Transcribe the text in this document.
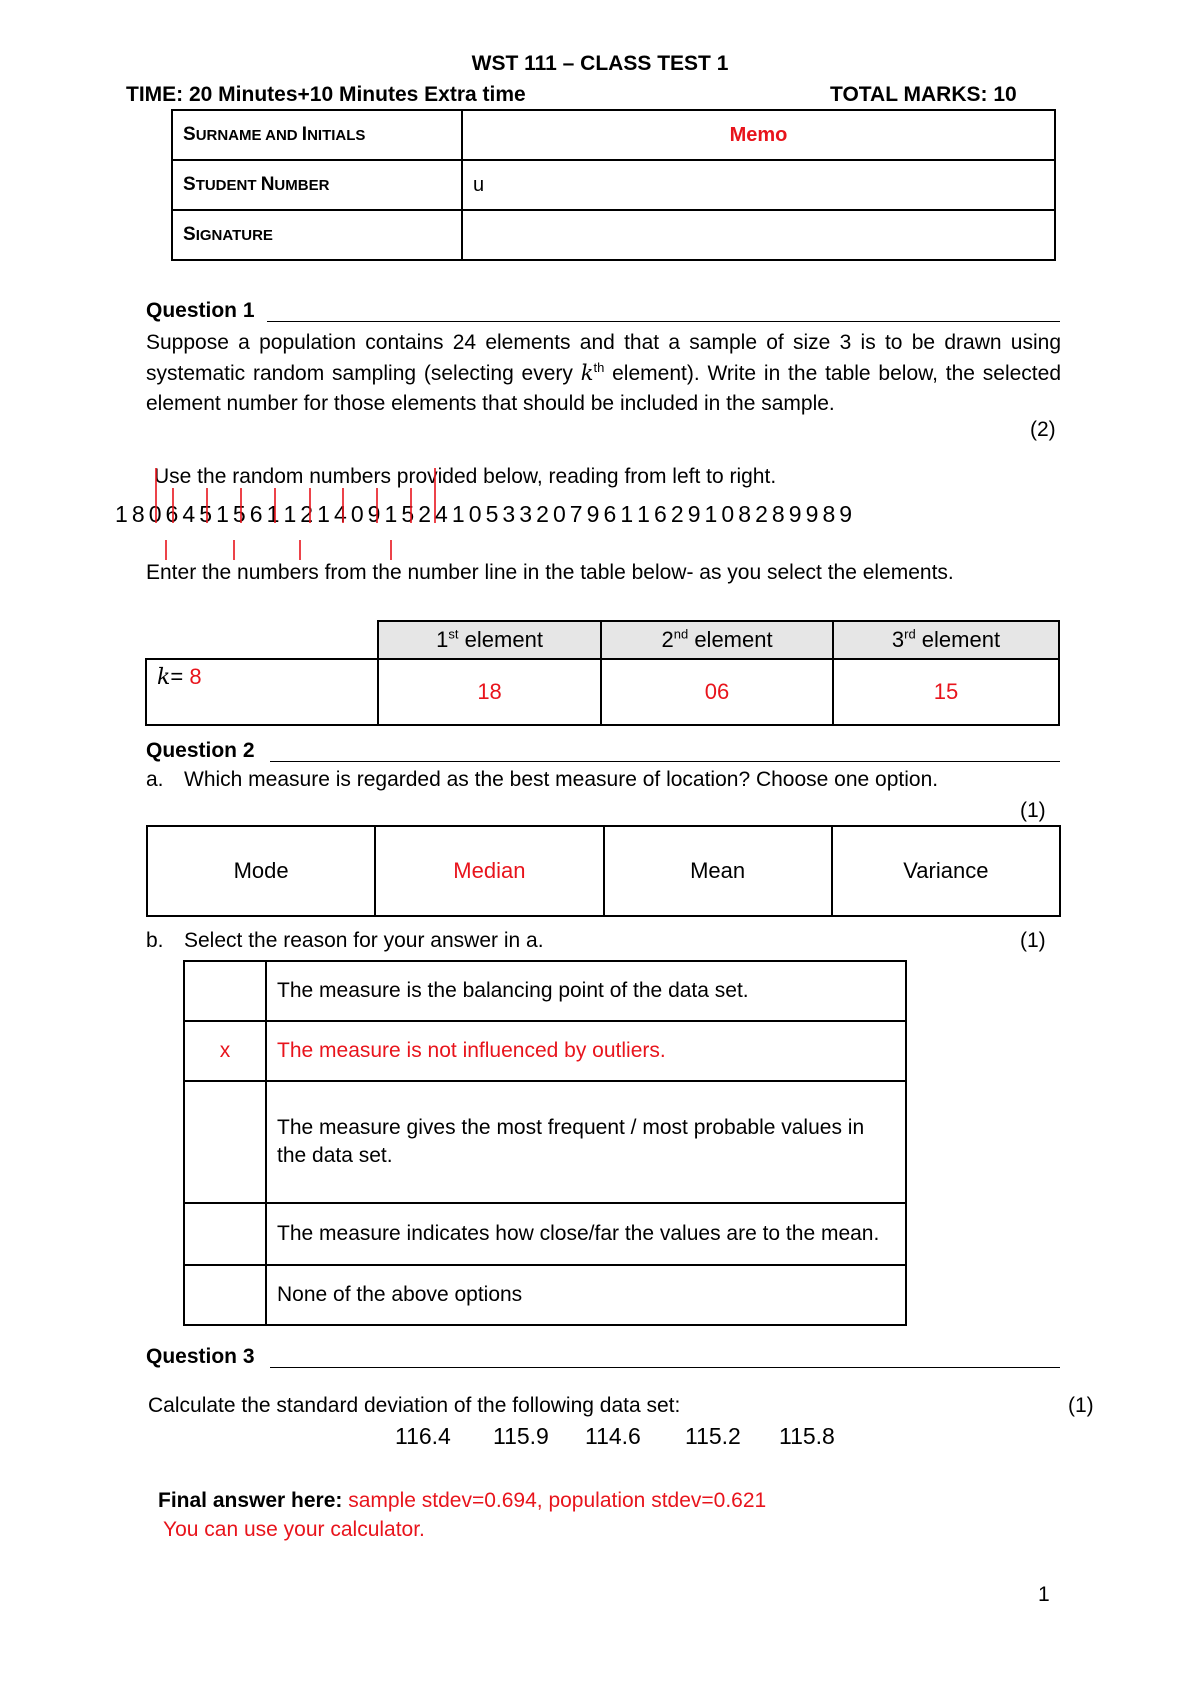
WST 111 – CLASS TEST 1
TIME: 20 Minutes+10 Minutes Extra time	TOTAL MARKS: 10
SURNAME AND INITIALS	Memo
STUDENT NUMBER	u
SIGNATURE	
Question 1
Suppose a population contains 24 elements and that a sample of size 3 is to be drawn using systematic random sampling (selecting every $k^{th}$ element). Write in the table below, the selected element number for those elements that should be included in the sample.
(2)
Use the random numbers provided below, reading from left to right.
1 8 0 6 4 5 1 5 6 1 1 2 1 4 0 9 1 5 2 4 1 0 5 3 3 2 0 7 9 6 1 1 6 2 9 1 0 8 2 8 9 9 8 9
Enter the numbers from the number line in the table below- as you select the elements.
	1st element	2nd element	3rd element
k= 8	18	06	15
Question 2
a. Which measure is regarded as the best measure of location? Choose one option.
(1)
Mode	Median	Mean	Variance
b. Select the reason for your answer in a.	(1)
	The measure is the balancing point of the data set.
x	The measure is not influenced by outliers.
	The measure gives the most frequent / most probable values in the data set.
	The measure indicates how close/far the values are to the mean.
	None of the above options
Question 3
Calculate the standard deviation of the following data set:	(1)
116.4 115.9 114.6 115.2 115.8
Final answer here: sample stdev=0.694, population stdev=0.621
You can use your calculator.
1
